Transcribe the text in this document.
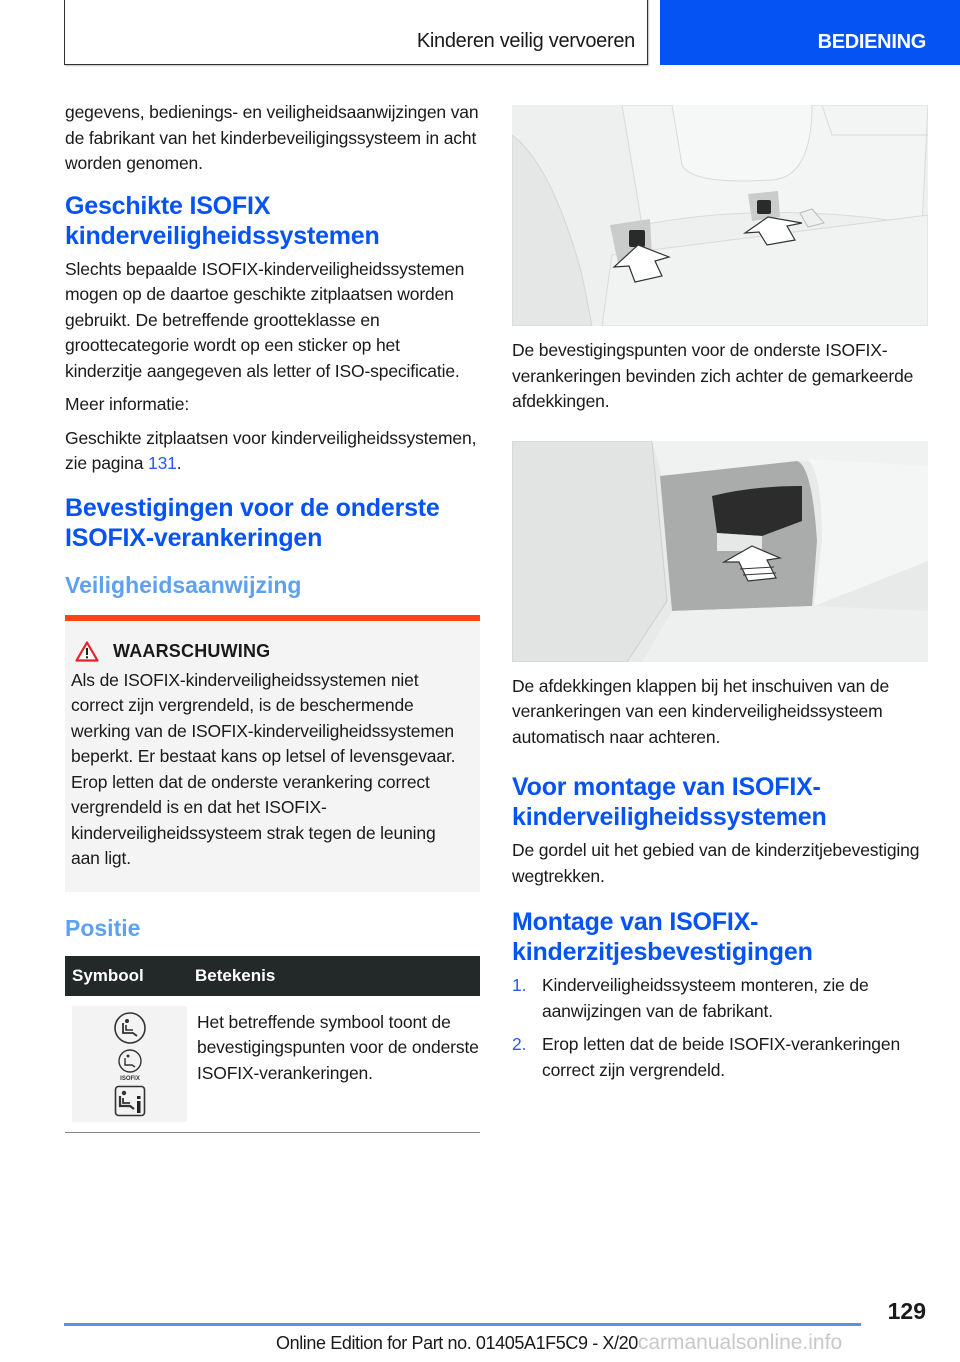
Kinderen veilig vervoeren	BEDIENING

gegevens, bedienings- en veiligheidsaanwijzingen van de fabrikant van het kinderbeveiligingssysteem in acht worden genomen.

Geschikte ISOFIX kinderveiligheidssystemen

Slechts bepaalde ISOFIX-kinderveiligheidssystemen mogen op de daartoe geschikte zitplaatsen worden gebruikt. De betreffende grootteklasse en groottecategorie wordt op een sticker op het kinderzitje aangegeven als letter of ISO-specificatie.

Meer informatie:

Geschikte zitplaatsen voor kinderveiligheidssystemen, zie pagina 131.

Bevestigingen voor de onderste ISOFIX-verankeringen
Veiligheidsaanwijzing
WAARSCHUWING

Als de ISOFIX-kinderveiligheidssystemen niet correct zijn vergrendeld, is de beschermende werking van de ISOFIX-kinderveiligheidssystemen beperkt. Er bestaat kans op letsel of levensgevaar. Erop letten dat de onderste verankering correct vergrendeld is en dat het ISOFIX-kinderveiligheidssysteem strak tegen de leuning aan ligt.

Positie
Symbool	Betekenis

ISOFIX	Het betreffende symbool toont de bevestigingspunten voor de onderste ISOFIX-verankeringen.

De bevestigingspunten voor de onderste ISOFIX-verankeringen bevinden zich achter de gemarkeerde afdekkingen.

De afdekkingen klappen bij het inschuiven van de verankeringen van een kinderveiligheidssysteem automatisch naar achteren.

Voor montage van ISOFIX-kinderveiligheidssystemen

De gordel uit het gebied van de kinderzitjebevestiging wegtrekken.

Montage van ISOFIX-kinderzitjesbevestigingen
1. Kinderveiligheidssysteem monteren, zie de aanwijzingen van de fabrikant.
2. Erop letten dat de beide ISOFIX-verankeringen correct zijn vergrendeld.
129
Online Edition for Part no. 01405A1F5C9 - X/20carmanualsonline.info
